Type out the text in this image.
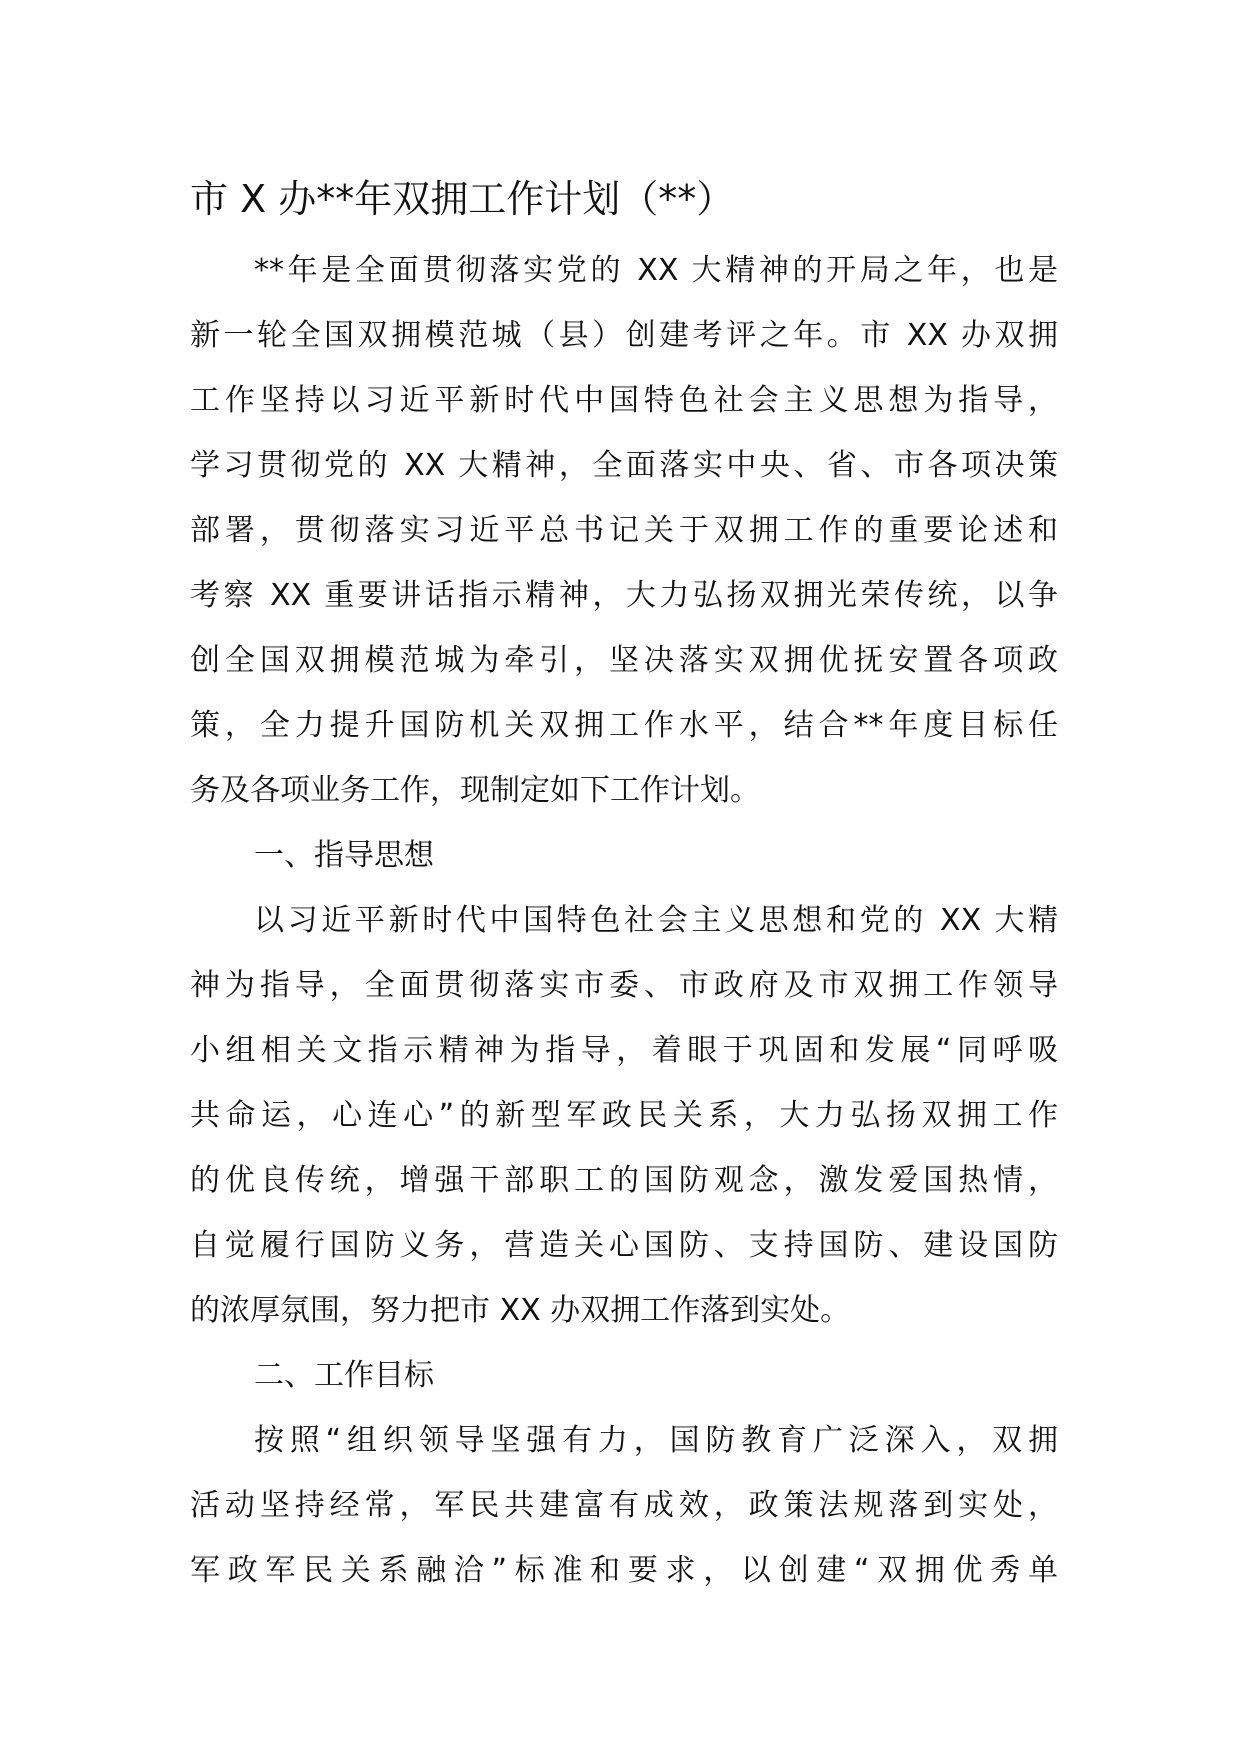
市 X 办**年双拥工作计划（**）
**年是全面贯彻落实党的 XX 大精神的开局之年，也是
新一轮全国双拥模范城（县）创建考评之年。市 XX 办双拥
工作坚持以习近平新时代中国特色社会主义思想为指导，
学习贯彻党的 XX 大精神，全面落实中央、省、市各项决策
部署，贯彻落实习近平总书记关于双拥工作的重要论述和
考察 XX 重要讲话指示精神，大力弘扬双拥光荣传统，以争
创全国双拥模范城为牵引，坚决落实双拥优抚安置各项政
策，全力提升国防机关双拥工作水平，结合**年度目标任
务及各项业务工作，现制定如下工作计划。
一、指导思想
以习近平新时代中国特色社会主义思想和党的 XX 大精
神为指导，全面贯彻落实市委、市政府及市双拥工作领导
小组相关文指示精神为指导，着眼于巩固和发展“同呼吸
共命运，心连心”的新型军政民关系，大力弘扬双拥工作
的优良传统，增强干部职工的国防观念，激发爱国热情，
自觉履行国防义务，营造关心国防、支持国防、建设国防
的浓厚氛围，努力把市 XX 办双拥工作落到实处。
二、工作目标
按照“组织领导坚强有力，国防教育广泛深入，双拥
活动坚持经常，军民共建富有成效，政策法规落到实处，
军政军民关系融洽”标准和要求，以创建“双拥优秀单
